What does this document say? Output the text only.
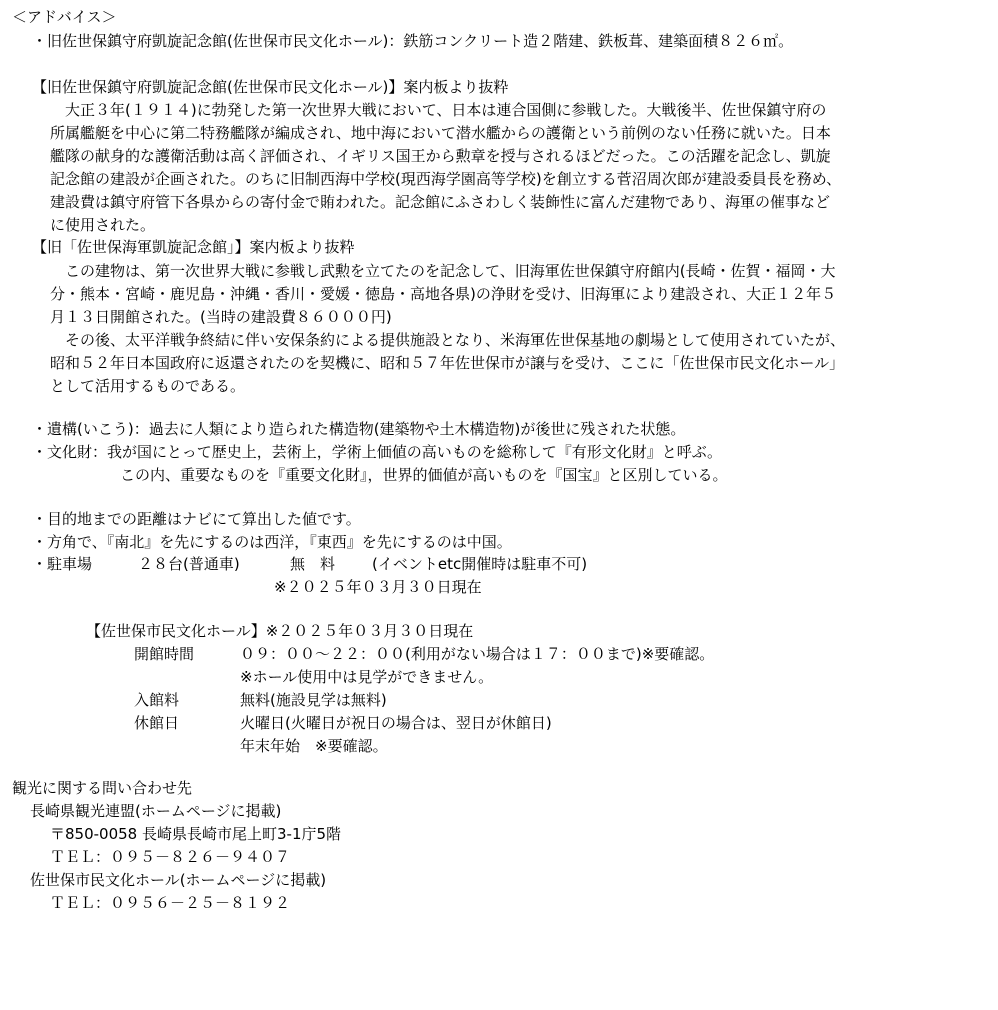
＜アドバイス＞
・旧佐世保鎮守府凱旋記念館(佐世保市民文化ホール)：鉄筋コンクリート造２階建、鉄板葺、建築面積８２６㎡。
【旧佐世保鎮守府凱旋記念館(佐世保市民文化ホール)】案内板より抜粋
　大正３年(１９１４)に勃発した第一次世界大戦において、日本は連合国側に参戦した。大戦後半、佐世保鎮守府の
所属艦艇を中心に第二特務艦隊が編成され、地中海において潜水艦からの護衛という前例のない任務に就いた。日本
艦隊の献身的な護衛活動は高く評価され、イギリス国王から勲章を授与されるほどだった。この活躍を記念し、凱旋
記念館の建設が企画された。のちに旧制西海中学校(現西海学園高等学校)を創立する菅沼周次郎が建設委員長を務め、
建設費は鎮守府管下各県からの寄付金で賄われた。記念館にふさわしく装飾性に富んだ建物であり、海軍の催事など
に使用された。
【旧「佐世保海軍凱旋記念館」】案内板より抜粋
　この建物は、第一次世界大戦に参戦し武勲を立てたのを記念して、旧海軍佐世保鎮守府館内(長崎・佐賀・福岡・大
分・熊本・宮崎・鹿児島・沖縄・香川・愛媛・徳島・高地各県)の浄財を受け、旧海軍により建設され、大正１２年５
月１３日開館された。(当時の建設費８６０００円)
　その後、太平洋戦争終結に伴い安保条約による提供施設となり、米海軍佐世保基地の劇場として使用されていたが、
昭和５２年日本国政府に返還されたのを契機に、昭和５７年佐世保市が譲与を受け、ここに「佐世保市民文化ホール」
として活用するものである。
・遺構(いこう)：過去に人類により造られた構造物(建築物や土木構造物)が後世に残された状態。
・文化財：我が国にとって歴史上，芸術上，学術上価値の高いものを総称して『有形文化財』と呼ぶ。
この内、重要なものを『重要文化財』，世界的価値が高いものを『国宝』と区別している。
・目的地までの距離はナビにて算出した値です。
・方角で、『南北』を先にするのは西洋，『東西』を先にするのは中国。
・駐車場	２８台(普通車)	無　料 (イベントetc開催時は駐車不可)
※２０２５年０３月３０日現在
【佐世保市民文化ホール】※２０２５年０３月３０日現在
開館時間	０９：００～２２：００(利用がない場合は１７：００まで)※要確認。
※ホール使用中は見学ができません。
入館料	無料(施設見学は無料)
休館日	火曜日(火曜日が祝日の場合は、翌日が休館日)
年末年始　※要確認。
観光に関する問い合わせ先
長崎県観光連盟(ホームページに掲載)
〒850-0058 長崎県長崎市尾上町3-1庁5階
ＴＥＬ：０９５－８２６－９４０７
佐世保市民文化ホール(ホームページに掲載)
ＴＥＬ：０９５６－２５－８１９２
